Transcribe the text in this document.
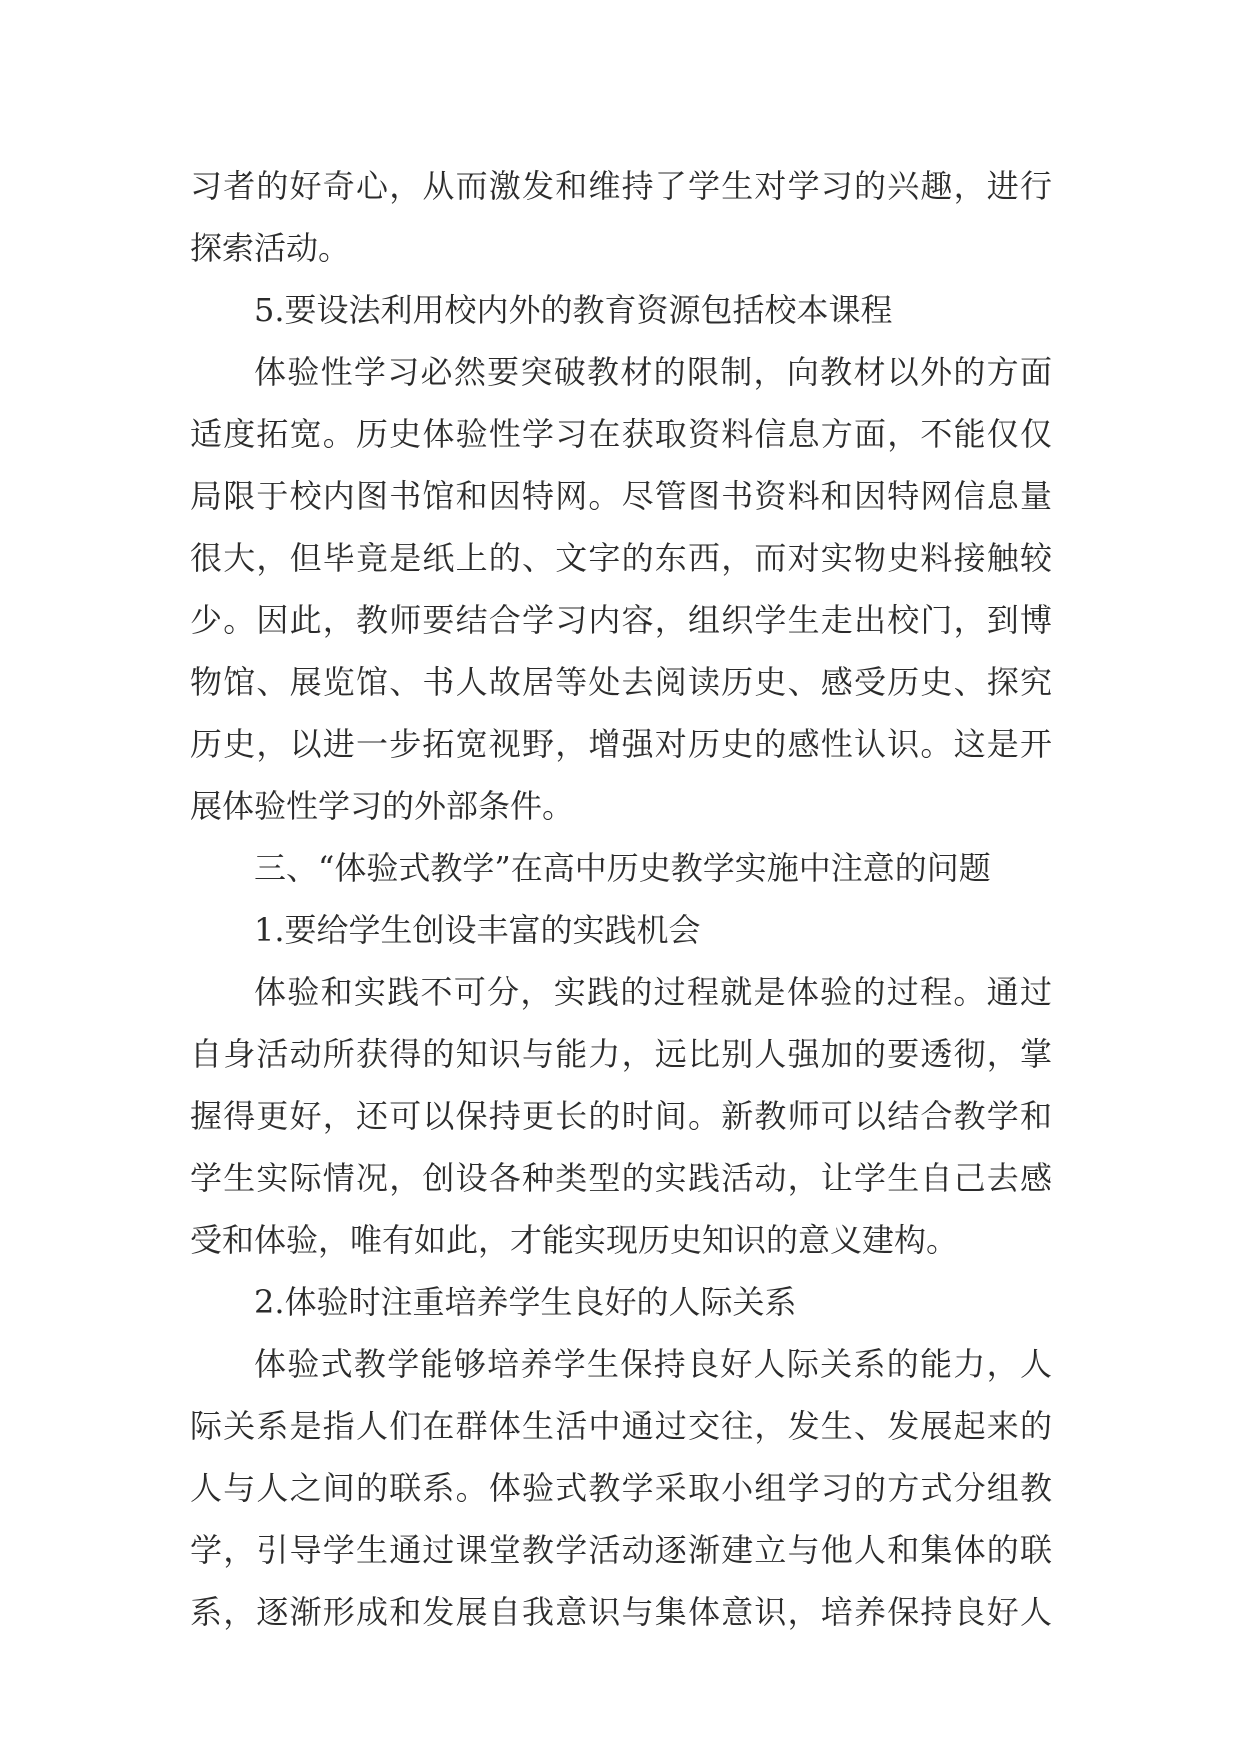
习者的好奇心，从而激发和维持了学生对学习的兴趣，进行
探索活动。
5.要设法利用校内外的教育资源包括校本课程
体验性学习必然要突破教材的限制，向教材以外的方面
适度拓宽。历史体验性学习在获取资料信息方面，不能仅仅
局限于校内图书馆和因特网。尽管图书资料和因特网信息量
很大，但毕竟是纸上的、文字的东西，而对实物史料接触较
少。因此，教师要结合学习内容，组织学生走出校门，到博
物馆、展览馆、书人故居等处去阅读历史、感受历史、探究
历史，以进一步拓宽视野，增强对历史的感性认识。这是开
展体验性学习的外部条件。
三、“体验式教学”在高中历史教学实施中注意的问题
1.要给学生创设丰富的实践机会
体验和实践不可分，实践的过程就是体验的过程。通过
自身活动所获得的知识与能力，远比别人强加的要透彻，掌
握得更好，还可以保持更长的时间。新教师可以结合教学和
学生实际情况，创设各种类型的实践活动，让学生自己去感
受和体验，唯有如此，才能实现历史知识的意义建构。
2.体验时注重培养学生良好的人际关系
体验式教学能够培养学生保持良好人际关系的能力，人
际关系是指人们在群体生活中通过交往，发生、发展起来的
人与人之间的联系。体验式教学采取小组学习的方式分组教
学，引导学生通过课堂教学活动逐渐建立与他人和集体的联
系，逐渐形成和发展自我意识与集体意识，培养保持良好人
